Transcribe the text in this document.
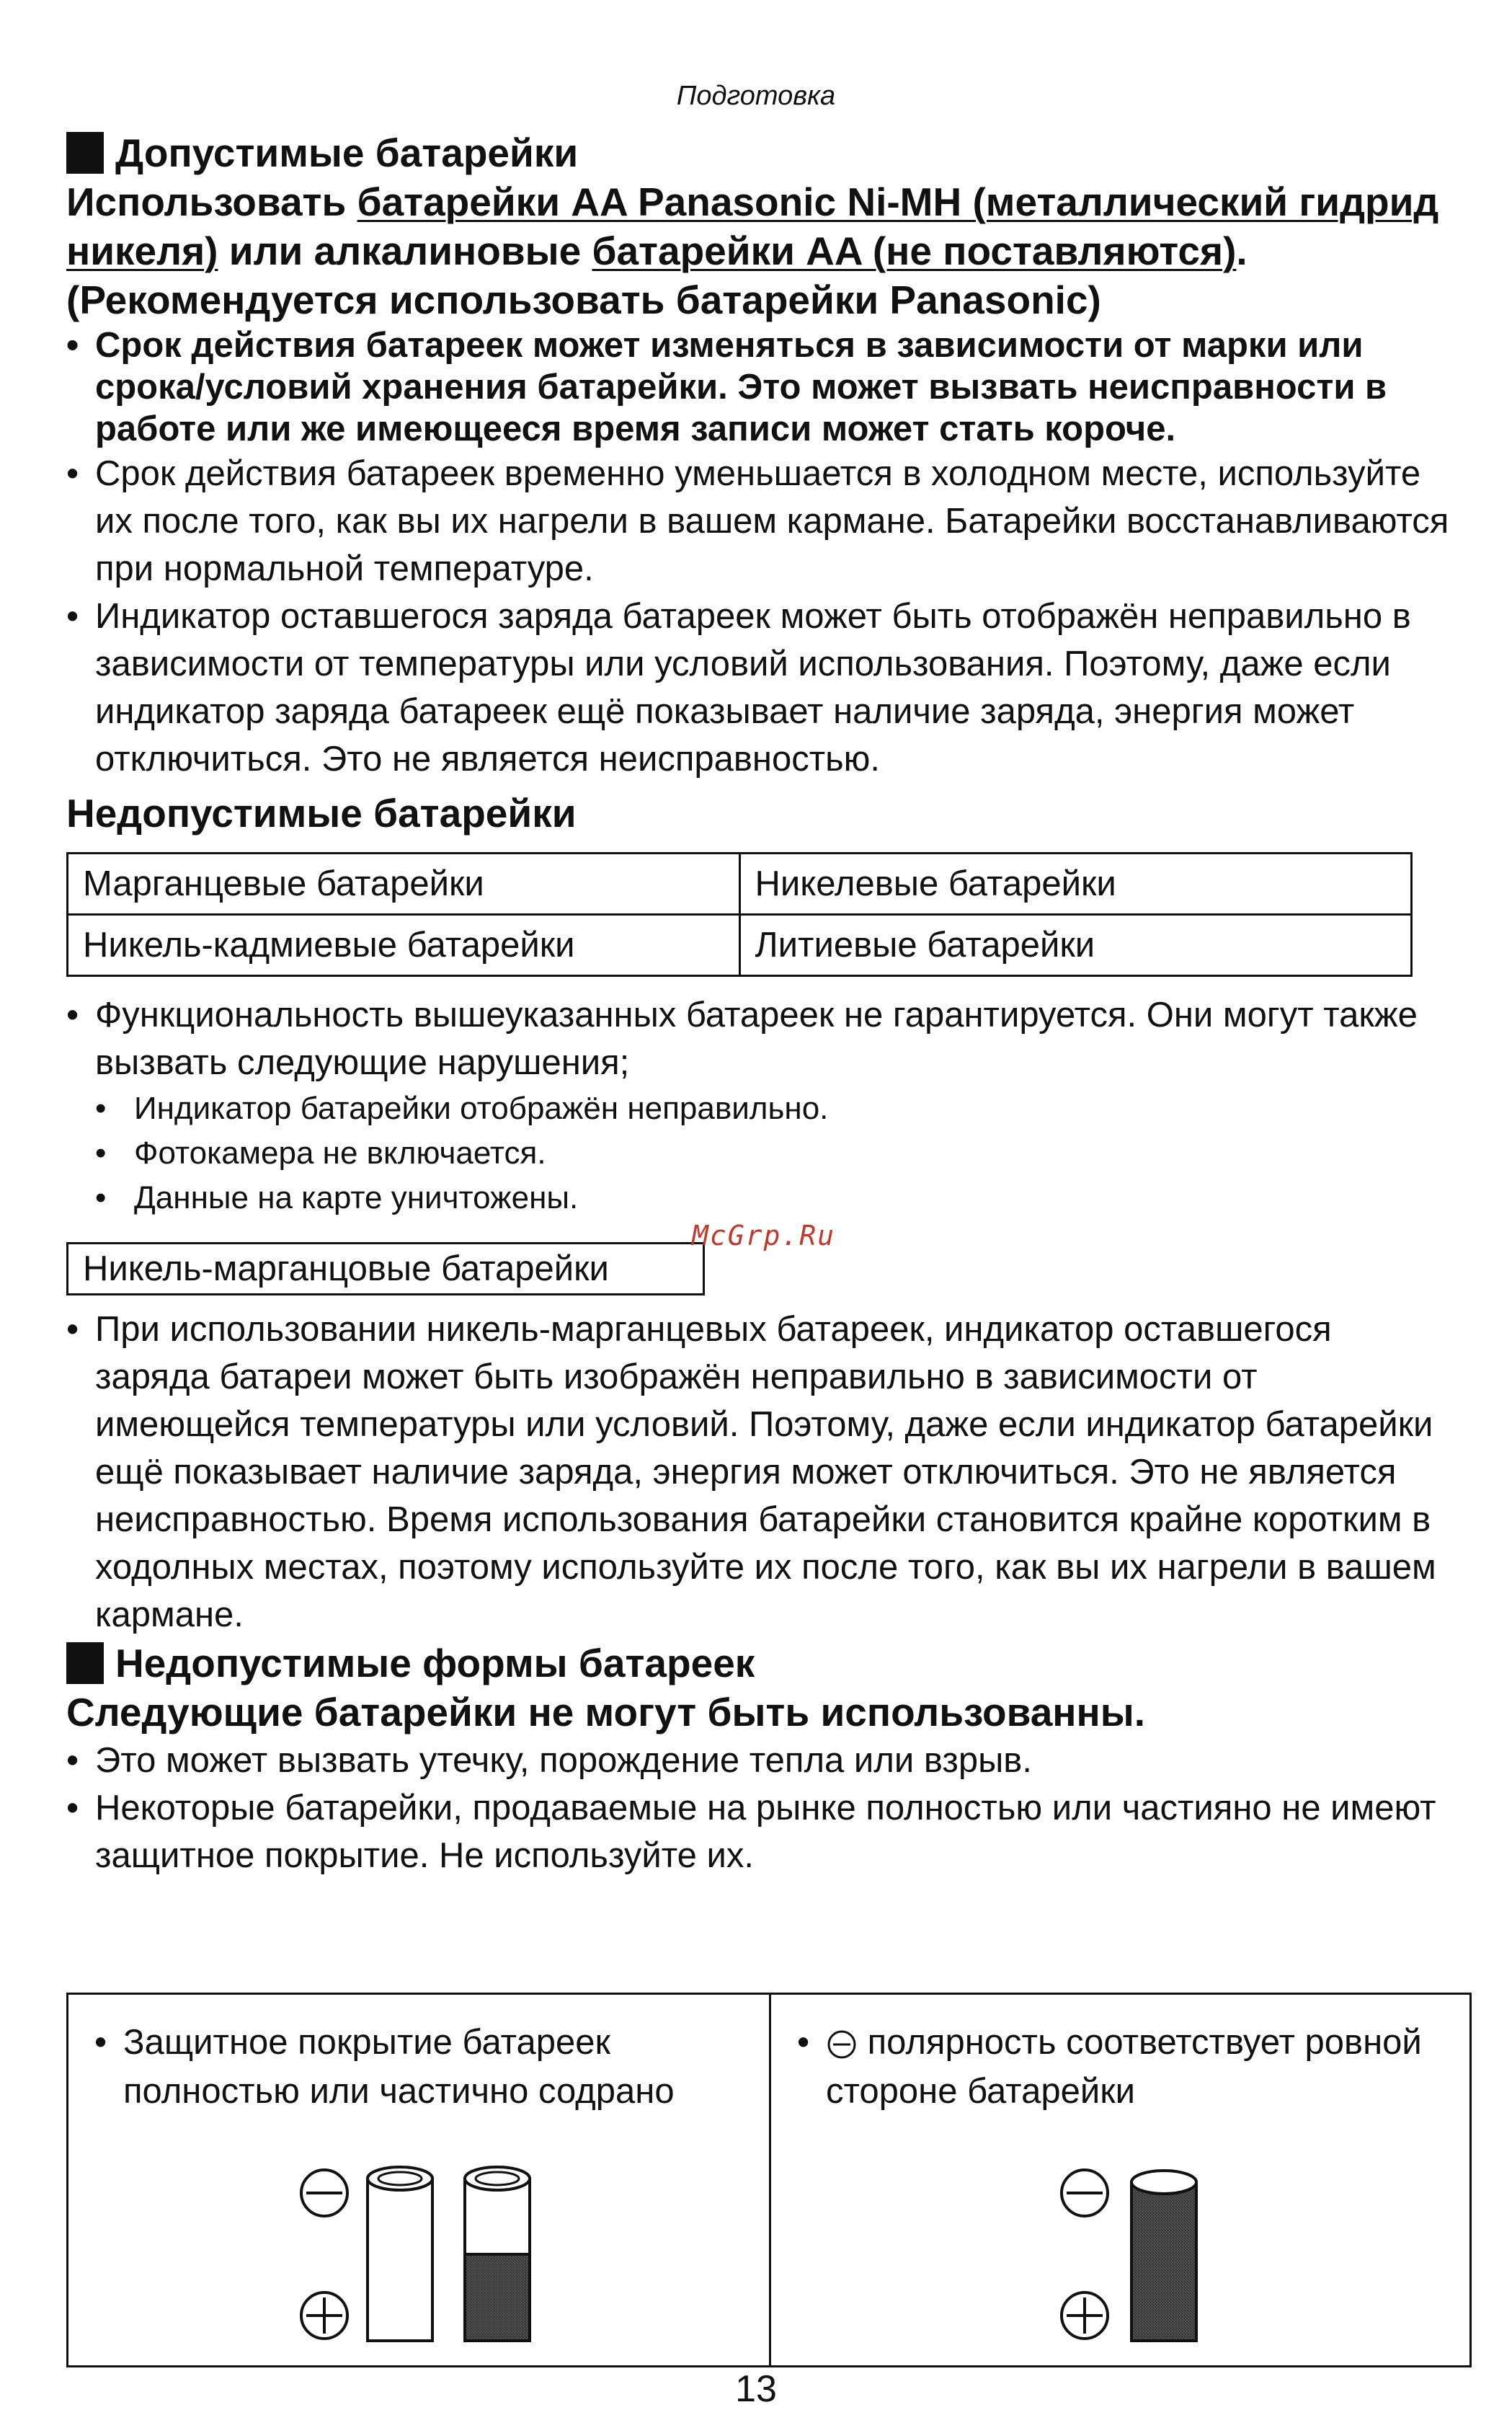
Подготовка
Допустимые батарейки

Использовать батарейки AA Panasonic Ni-MH (металлический гидрид никеля) или алкалиновые батарейки AA (не поставляются). (Рекомендуется использовать батарейки Panasonic)

• Срок действия батареек может изменяться в зависимости от марки или срока/условий хранения батарейки. Это может вызвать неисправности в работе или же имеющееся время записи может стать короче.

• Срок действия батареек временно уменьшается в холодном месте, используйте их после того, как вы их нагрели в вашем кармане. Батарейки восстанавливаются при нормальной температуре.

• Индикатор оставшегося заряда батареек может быть отображён неправильно в зависимости от температуры или условий использования. Поэтому, даже если индикатор заряда батареек ещё показывает наличие заряда, энергия может отключиться. Это не является неисправностью.

Недопустимые батарейки
Марганцевые батарейки	Никелевые батарейки
Никель-кадмиевые батарейки	Литиевые батарейки

• Функциональность вышеуказанных батареек не гарантируется. Они могут также вызвать следующие нарушения;

• Индикатор батарейки отображён неправильно.

• Фотокамера не включается.

• Данные на карте уничтожены.

Никель-марганцовые батарейки

• При использовании никель-марганцевых батареек, индикатор оставшегося заряда батареи может быть изображён неправильно в зависимости от имеющейся температуры или условий. Поэтому, даже если индикатор батарейки ещё показывает наличие заряда, энергия может отключиться. Это не является неисправностью. Время использования батарейки становится крайне коротким в ходолных местах, поэтому используйте их после того, как вы их нагрели в вашем кармане.

Недопустимые формы батареек

Следующие батарейки не могут быть использованны.

• Это может вызвать утечку, порождение тепла или взрыв.

• Некоторые батарейки, продаваемые на рынке полностью или частияно не имеют защитное покрытие. Не используйте их.

McGrp.Ru
• Защитное покрытие батареек полностью или частично содрано
• полярность соответствует ровной стороне батарейки
13
